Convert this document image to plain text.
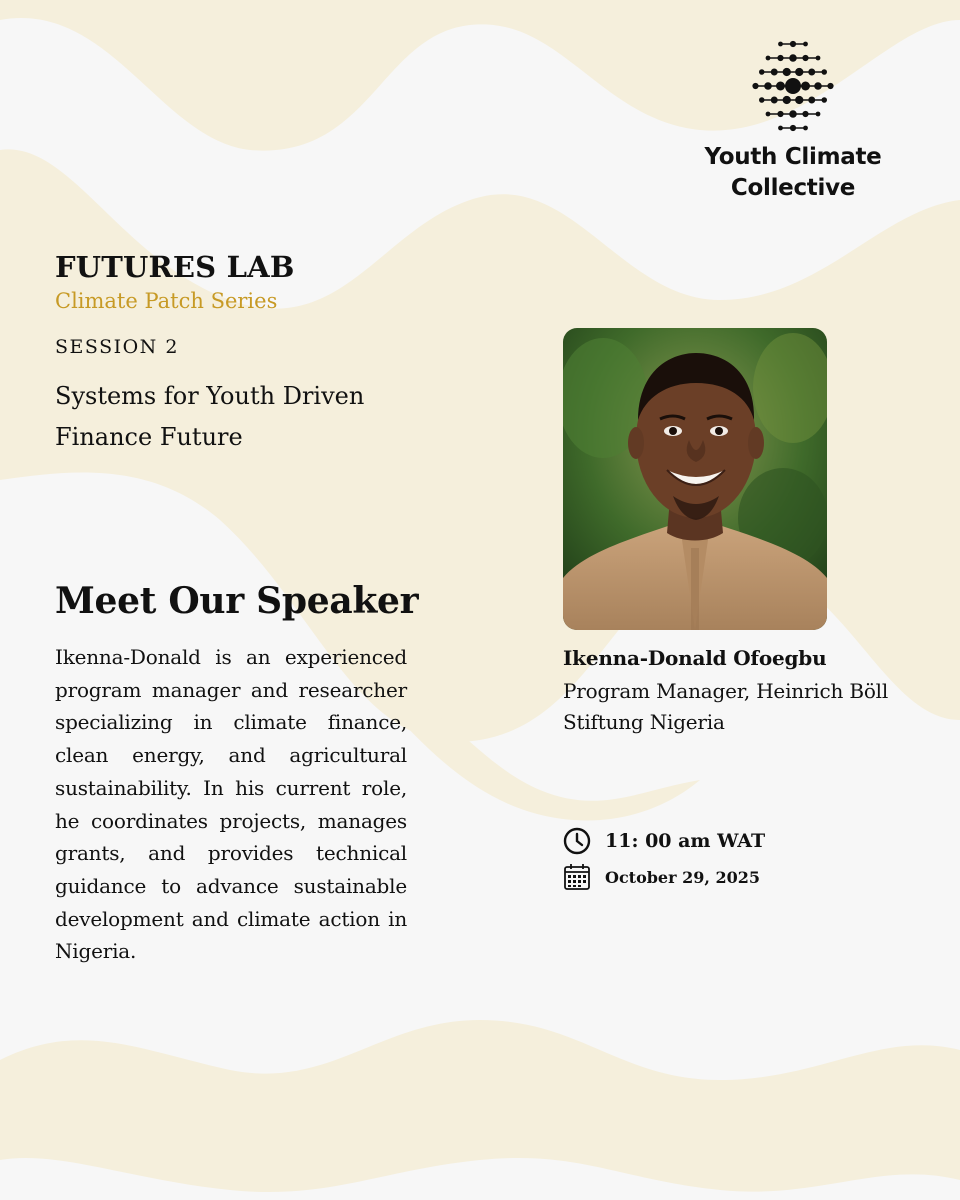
Youth Climate
Collective
FUTURES LAB
Climate Patch Series
SESSION 2
Systems for Youth Driven Finance Future
Meet Our Speaker
Ikenna-Donald is an experienced program manager and researcher specializing in climate finance, clean energy, and agricultural sustainability. In his current role, he coordinates projects, manages grants, and provides technical guidance to advance sustainable development and climate action in Nigeria.
Ikenna-Donald Ofoegbu
Program Manager, Heinrich Böll Stiftung Nigeria
11: 00 am WAT
October 29, 2025
